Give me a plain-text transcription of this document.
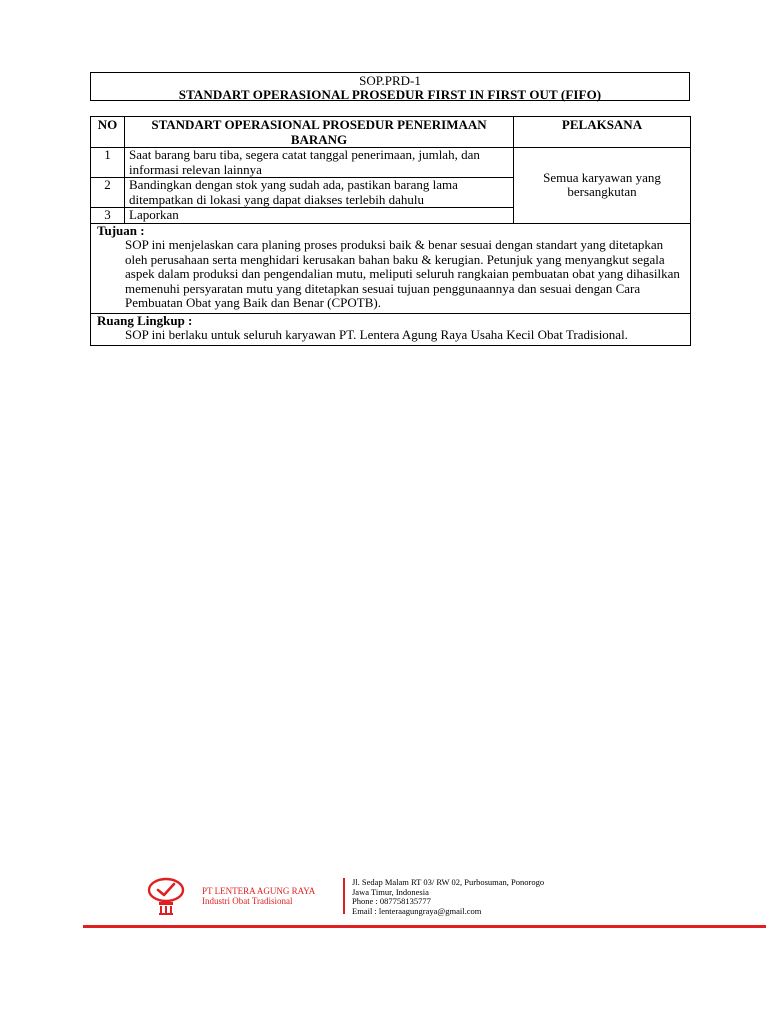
SOP.PRD-1
STANDART OPERASIONAL PROSEDUR FIRST IN FIRST OUT (FIFO)
NO	STANDART OPERASIONAL PROSEDUR PENERIMAAN BARANG	PELAKSANA
1	Saat barang baru tiba, segera catat tanggal penerimaan, jumlah, dan informasi relevan lainnya	Semua karyawan yang bersangkutan
2	Bandingkan dengan stok yang sudah ada, pastikan barang lama ditempatkan di lokasi yang dapat diakses terlebih dahulu	
3	Laporkan	

Tujuan :
SOP ini menjelaskan cara planing proses produksi baik & benar sesuai dengan standart yang ditetapkan oleh perusahaan serta menghidari kerusakan bahan baku & kerugian. Petunjuk yang menyangkut segala aspek dalam produksi dan pengendalian mutu, meliputi seluruh rangkaian pembuatan obat yang dihasilkan memenuhi persyaratan mutu yang ditetapkan sesuai tujuan penggunaannya dan sesuai dengan Cara Pembuatan Obat yang Baik dan Benar (CPOTB).		

Ruang Lingkup :
SOP ini berlaku untuk seluruh karyawan PT. Lentera Agung Raya Usaha Kecil Obat Tradisional.		
PT LENTERA AGUNG RAYA
Industri Obat Tradisional
Jl. Sedap Malam RT 03/ RW 02, Purbosuman, Ponorogo
Jawa Timur, Indonesia
Phone : 087758135777
Email : lenteraagungraya@gmail.com
